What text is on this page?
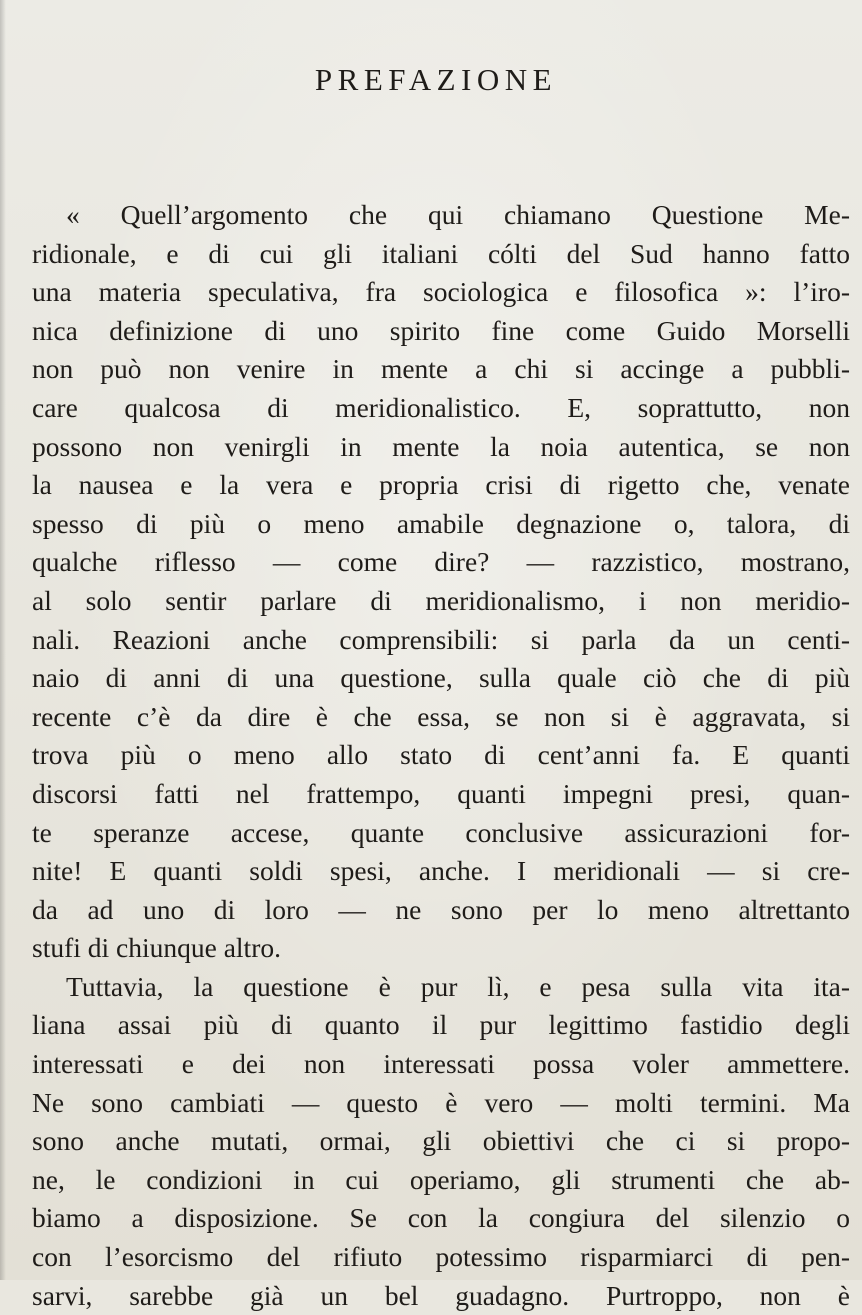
PREFAZIONE
« Quell’argomento che qui chiamano Questione Me-
ridionale, e di cui gli italiani cólti del Sud hanno fatto
una materia speculativa, fra sociologica e filosofica »: l’iro-
nica definizione di uno spirito fine come Guido Morselli
non può non venire in mente a chi si accinge a pubbli-
care qualcosa di meridionalistico. E, soprattutto, non
possono non venirgli in mente la noia autentica, se non
la nausea e la vera e propria crisi di rigetto che, venate
spesso di più o meno amabile degnazione o, talora, di
qualche riflesso — come dire? — razzistico, mostrano,
al solo sentir parlare di meridionalismo, i non meridio-
nali. Reazioni anche comprensibili: si parla da un centi-
naio di anni di una questione, sulla quale ciò che di più
recente c’è da dire è che essa, se non si è aggravata, si
trova più o meno allo stato di cent’anni fa. E quanti
discorsi fatti nel frattempo, quanti impegni presi, quan-
te speranze accese, quante conclusive assicurazioni for-
nite! E quanti soldi spesi, anche. I meridionali — si cre-
da ad uno di loro — ne sono per lo meno altrettanto
stufi di chiunque altro.
Tuttavia, la questione è pur lì, e pesa sulla vita ita-
liana assai più di quanto il pur legittimo fastidio degli
interessati e dei non interessati possa voler ammettere.
Ne sono cambiati — questo è vero — molti termini. Ma
sono anche mutati, ormai, gli obiettivi che ci si propo-
ne, le condizioni in cui operiamo, gli strumenti che ab-
biamo a disposizione. Se con la congiura del silenzio o
con l’esorcismo del rifiuto potessimo risparmiarci di pen-
sarvi, sarebbe già un bel guadagno. Purtroppo, non è
